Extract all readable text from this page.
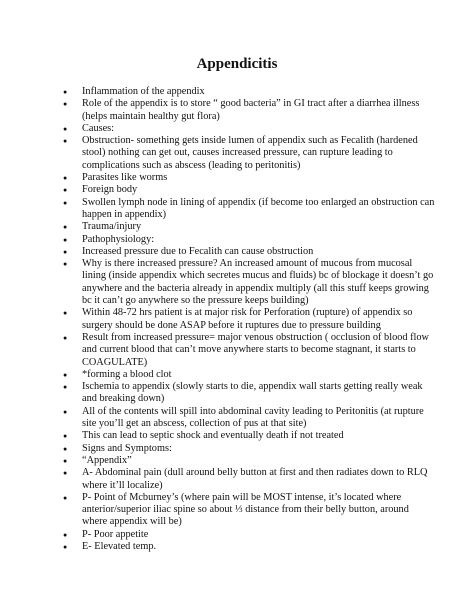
Appendicitis
● Inflammation of the appendix
● Role of the appendix is to store “ good bacteria” in GI tract after a diarrhea illness (helps maintain healthy gut flora)
● Causes:
● Obstruction- something gets inside lumen of appendix such as Fecalith (hardened stool) nothing can get out, causes increased pressure, can rupture leading to complications such as abscess (leading to peritonitis)
● Parasites like worms
● Foreign body
● Swollen lymph node in lining of appendix (if become too enlarged an obstruction can happen in appendix)
● Trauma/injury
● Pathophysiology:
● Increased pressure due to Fecalith can cause obstruction
● Why is there increased pressure? An increased amount of mucous from mucosal lining (inside appendix which secretes mucus and fluids) bc of blockage it doesn’t go anywhere and the bacteria already in appendix multiply (all this stuff keeps growing bc it can’t go anywhere so the pressure keeps building)
● Within 48-72 hrs patient is at major risk for Perforation (rupture) of appendix so surgery should be done ASAP before it ruptures due to pressure building
● Result from increased pressure= major venous obstruction ( occlusion of blood flow and current blood that can’t move anywhere starts to become stagnant, it starts to COAGULATE)
● *forming a blood clot
● Ischemia to appendix (slowly starts to die, appendix wall starts getting really weak and breaking down)
● All of the contents will spill into abdominal cavity leading to Peritonitis (at rupture site you’ll get an abscess, collection of pus at that site)
● This can lead to septic shock and eventually death if not treated
● Signs and Symptoms:
● “Appendix”
● A- Abdominal pain (dull around belly button at first and then radiates down to RLQ where it’ll localize)
● P- Point of Mcburney’s (where pain will be MOST intense, it’s located where anterior/superior iliac spine so about ⅓ distance from their belly button, around where appendix will be)
● P- Poor appetite
● E- Elevated temp.
